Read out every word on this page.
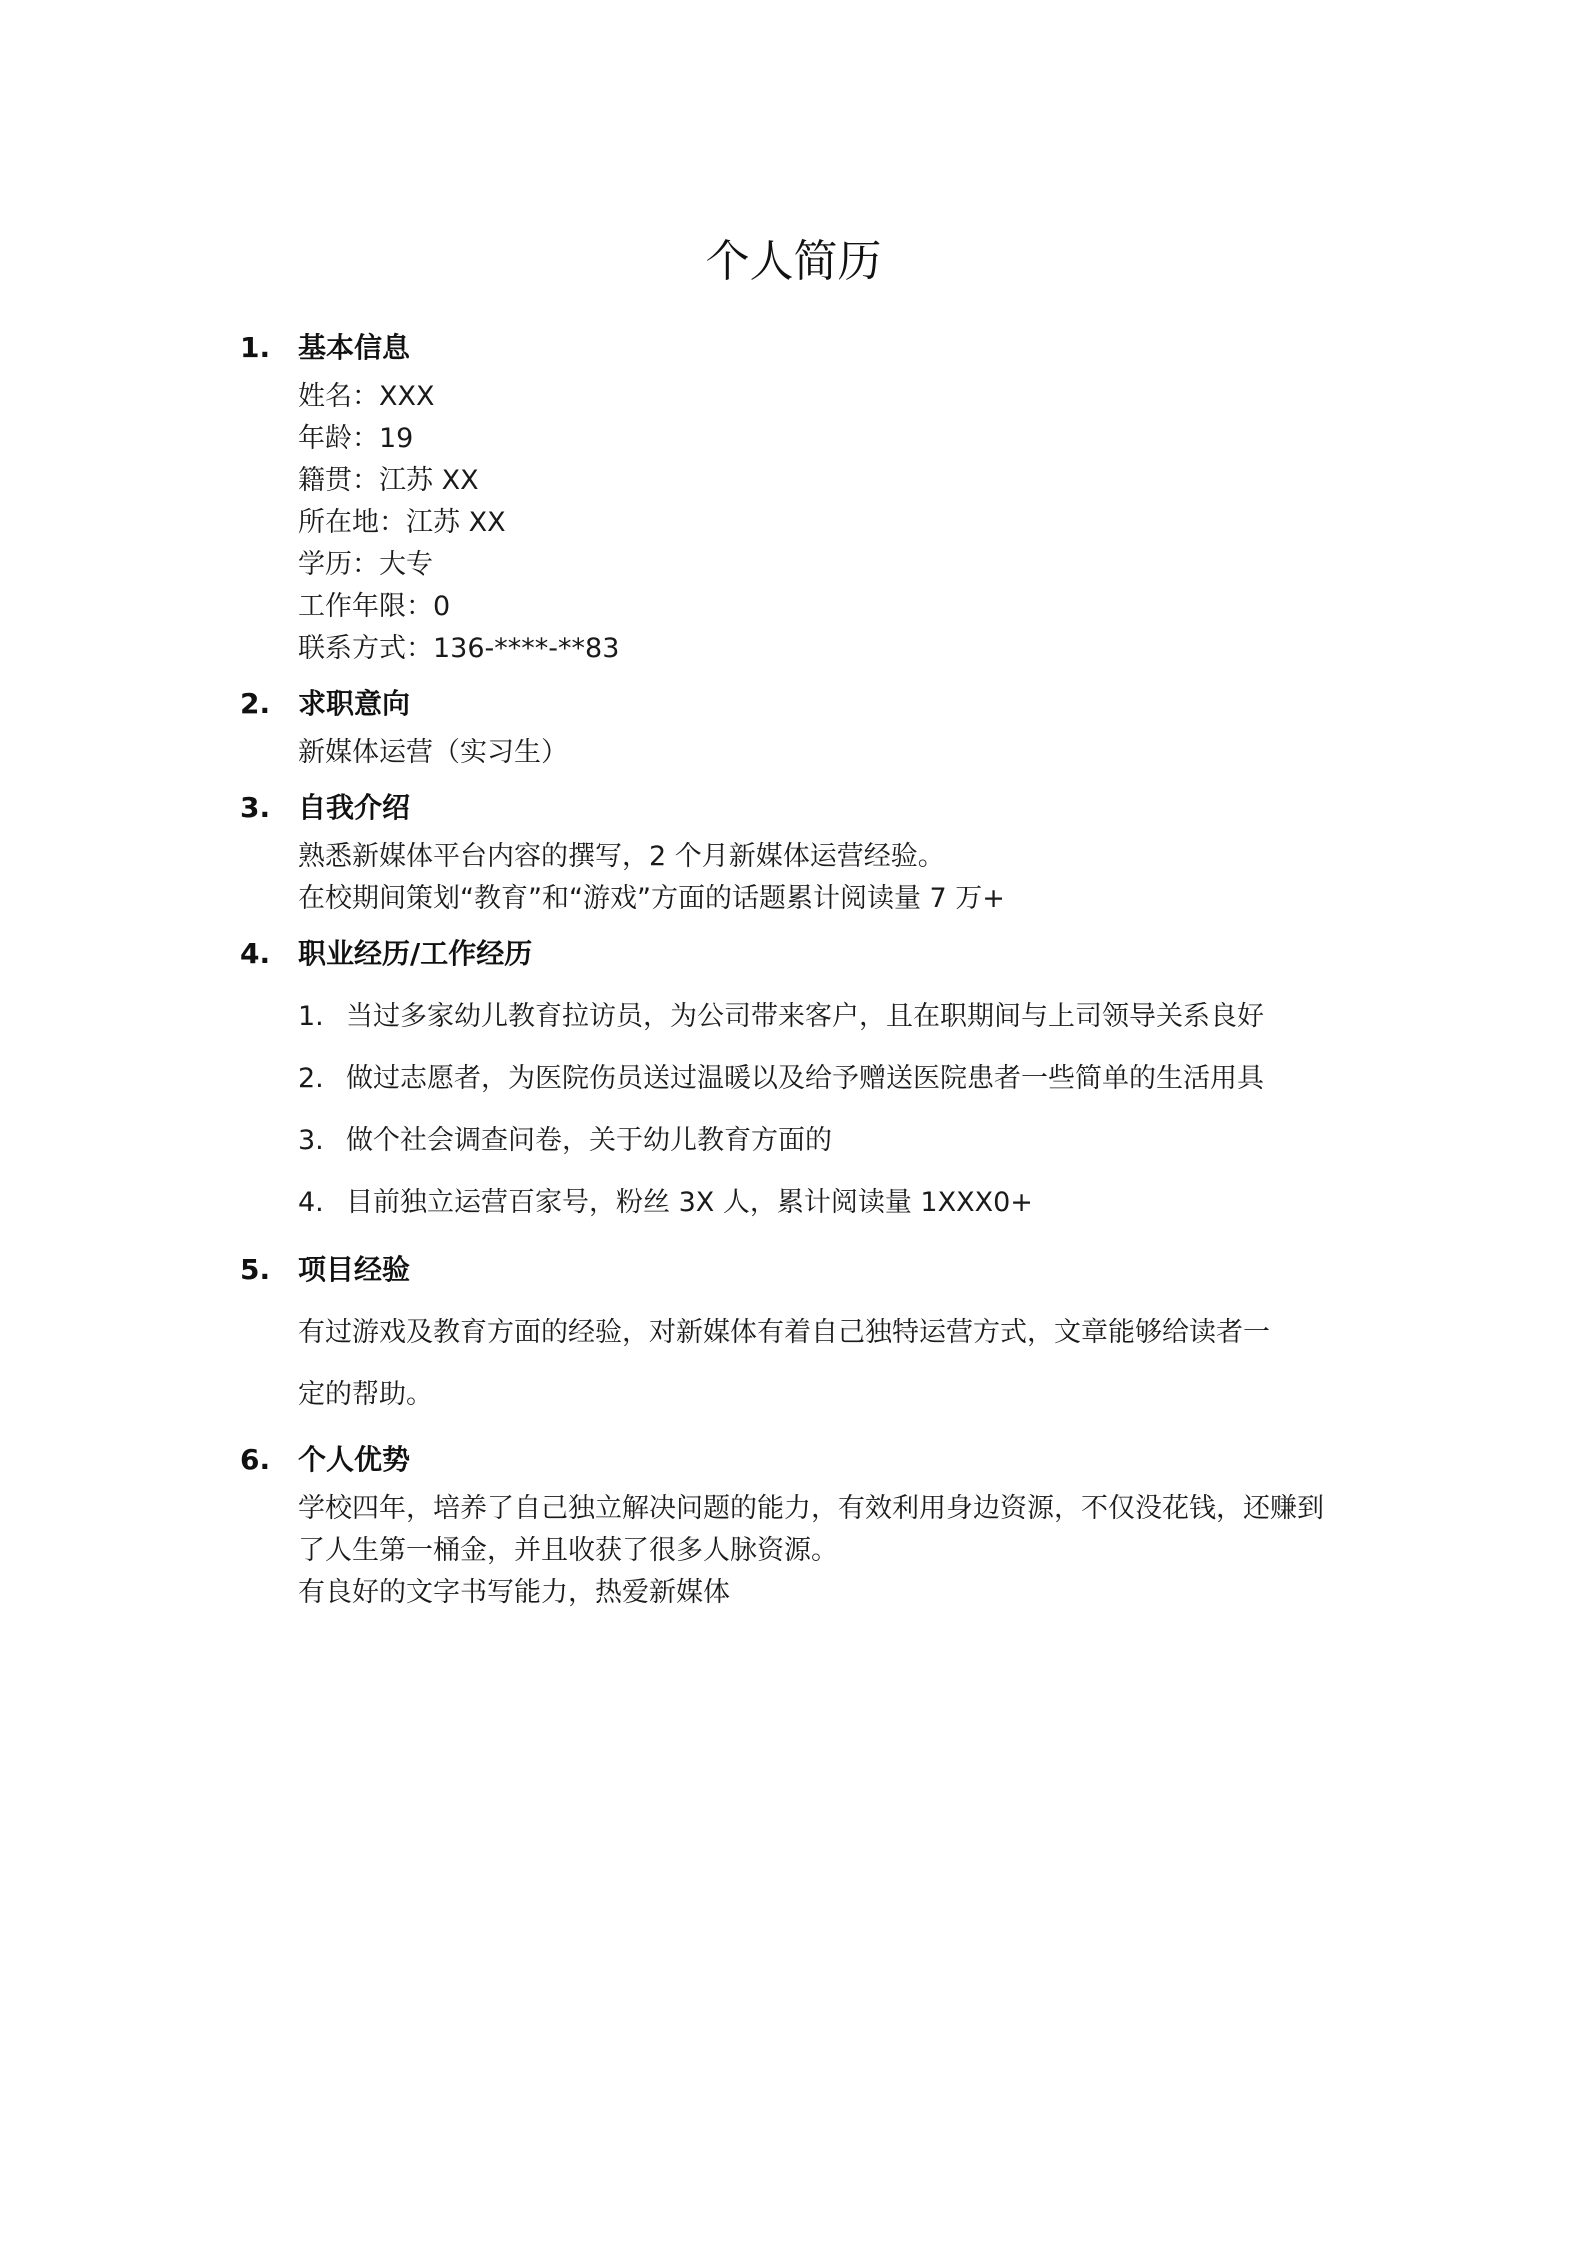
个人简历
1. 基本信息
姓名：XXX
年龄：19
籍贯：江苏 XX
所在地：江苏 XX
学历：大专
工作年限：0
联系方式：136-****-**83
2. 求职意向
新媒体运营（实习生）
3. 自我介绍
熟悉新媒体平台内容的撰写，2 个月新媒体运营经验。
在校期间策划“教育”和“游戏”方面的话题累计阅读量 7 万+
4. 职业经历/工作经历
1. 当过多家幼儿教育拉访员，为公司带来客户，且在职期间与上司领导关系良好
2. 做过志愿者，为医院伤员送过温暖以及给予赠送医院患者一些简单的生活用具
3. 做个社会调查问卷，关于幼儿教育方面的
4. 目前独立运营百家号，粉丝 3X 人，累计阅读量 1XXX0+
5. 项目经验
有过游戏及教育方面的经验，对新媒体有着自己独特运营方式，文章能够给读者一
定的帮助。
6. 个人优势
学校四年，培养了自己独立解决问题的能力，有效利用身边资源，不仅没花钱，还赚到
了人生第一桶金，并且收获了很多人脉资源。
有良好的文字书写能力，热爱新媒体
